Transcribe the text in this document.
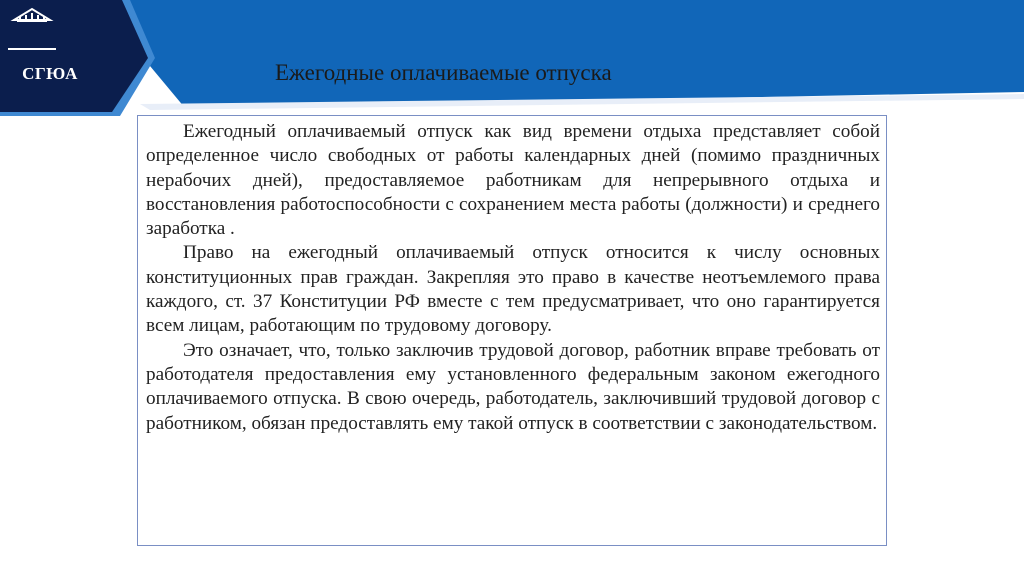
СГЮА	Ежегодные оплачиваемые отпуска

Ежегодный оплачиваемый отпуск как вид времени отдыха представляет собой определенное число свободных от работы календарных дней (помимо праздничных нерабочих дней), предоставляемое работникам для непрерывного отдыха и восстановления работоспособности с сохранением места работы (должности) и среднего заработка .

Право на ежегодный оплачиваемый отпуск относится к числу основных конституционных прав граждан. Закрепляя это право в качестве неотъемлемого права каждого, ст. 37 Конституции РФ вместе с тем предусматривает, что оно гарантируется всем лицам, работающим по трудовому договору.

Это означает, что, только заключив трудовой договор, работник вправе требовать от работодателя предоставления ему установленного федеральным законом ежегодного оплачиваемого отпуска. В свою очередь, работодатель, заключивший трудовой договор с работником, обязан предоставлять ему такой отпуск в соответствии с законодательством.
